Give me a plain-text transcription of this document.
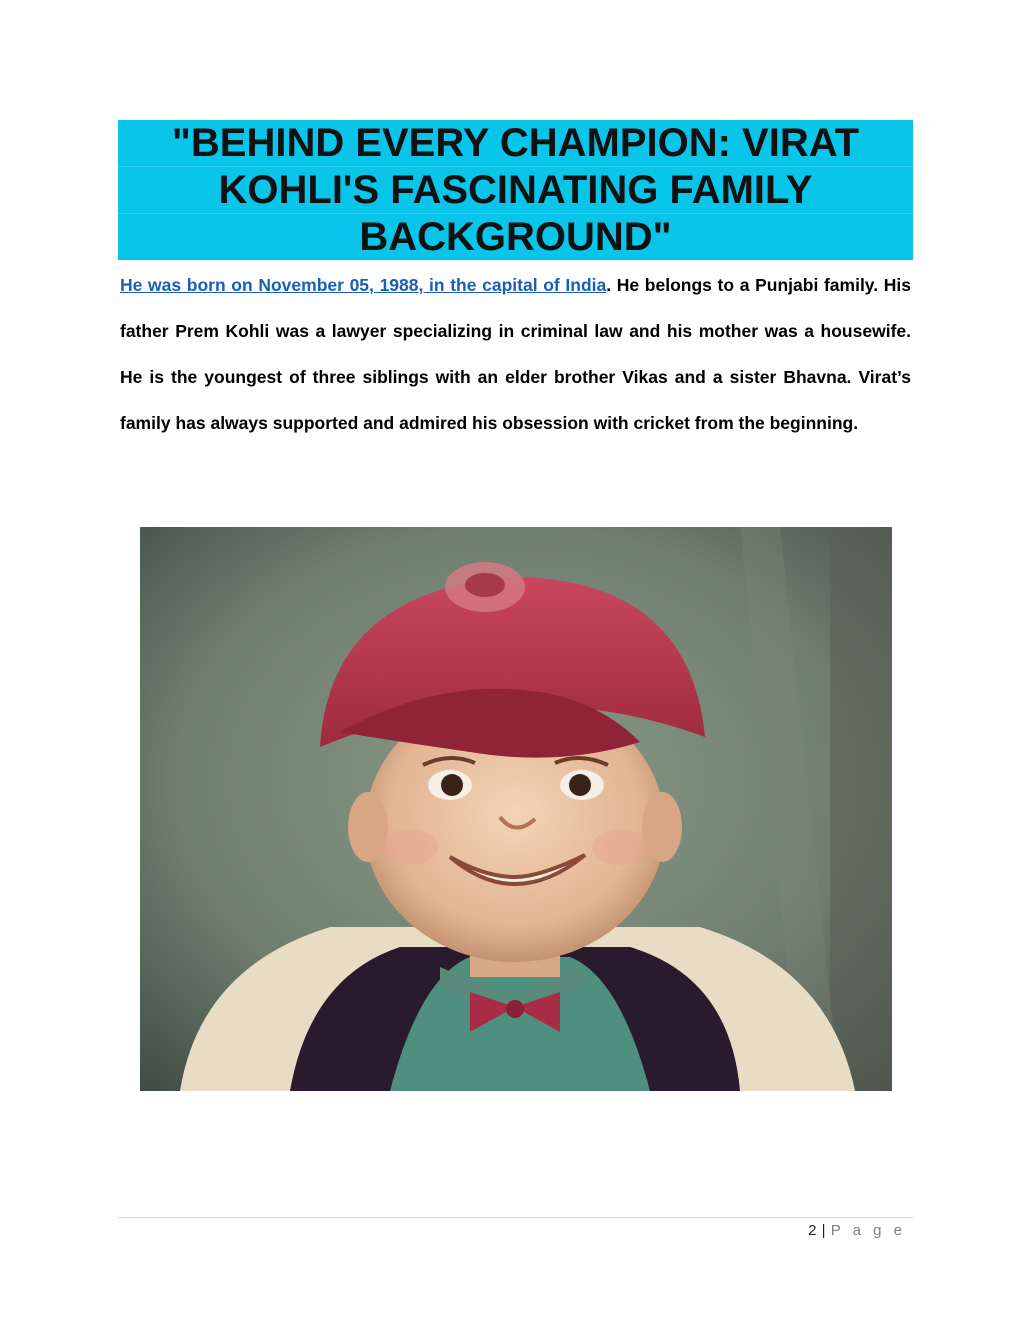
"BEHIND EVERY CHAMPION: VIRAT
KOHLI'S FASCINATING FAMILY
BACKGROUND"

He was born on November 05, 1988, in the capital of India. He belongs to a Punjabi family. His father Prem Kohli was a lawyer specializing in criminal law and his mother was a housewife. He is the youngest of three siblings with an elder brother Vikas and a sister Bhavna. Virat’s family has always supported and admired his obsession with cricket from the beginning.

2 | P a g e
